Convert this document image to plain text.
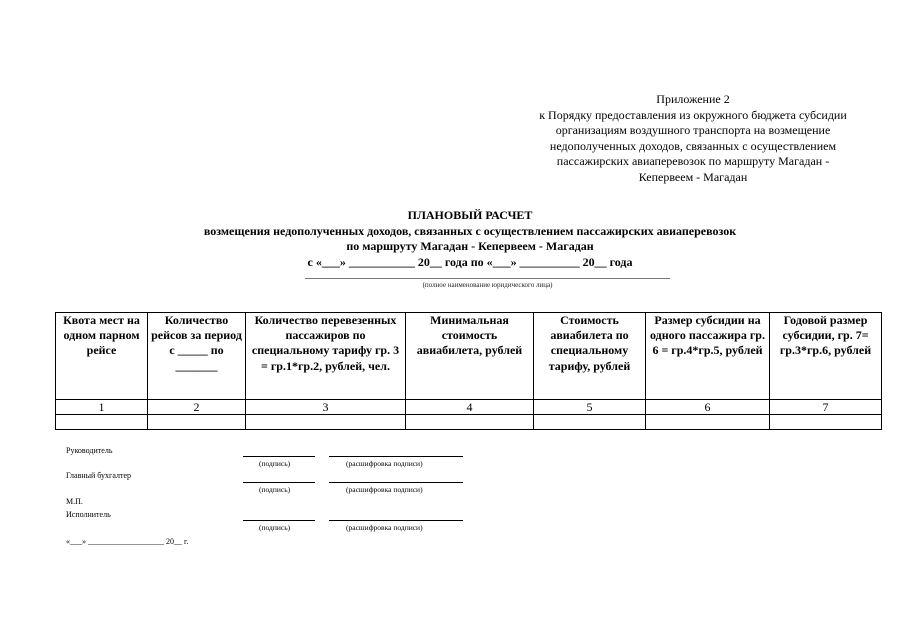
Приложение 2
к Порядку предоставления из окружного бюджета субсидии
организациям воздушного транспорта на возмещение
недополученных доходов, связанных с осуществлением
пассажирских авиаперевозок по маршруту Магадан -
Кепервеем - Магадан
ПЛАНОВЫЙ РАСЧЕТ
возмещения недополученных доходов, связанных с осуществлением пассажирских авиаперевозок
по маршруту Магадан - Кепервеем - Магадан
с «___» ___________ 20__ года по «___» __________ 20__ года
(полное наименование юридического лица)
Квота мест на одном парном рейсе	Количество рейсов за период с _____ по _______	Количество перевезенных пассажиров по специальному тарифу гр. 3 = гр.1*гр.2, рублей, чел.	Минимальная стоимость авиабилета, рублей	Стоимость авиабилета по специальному тарифу, рублей	Размер субсидии на одного пассажира гр. 6 = гр.4*гр.5, рублей	Годовой размер субсидии, гр. 7= гр.3*гр.6, рублей
1	2	3	4	5	6	7

Руководитель
(подпись)	(расшифровка подписи)
Главный бухгалтер
(подпись)	(расшифровка подписи)
М.П.
Исполнитель
(подпись)	(расшифровка подписи)
«___» ___________________ 20__ г.
